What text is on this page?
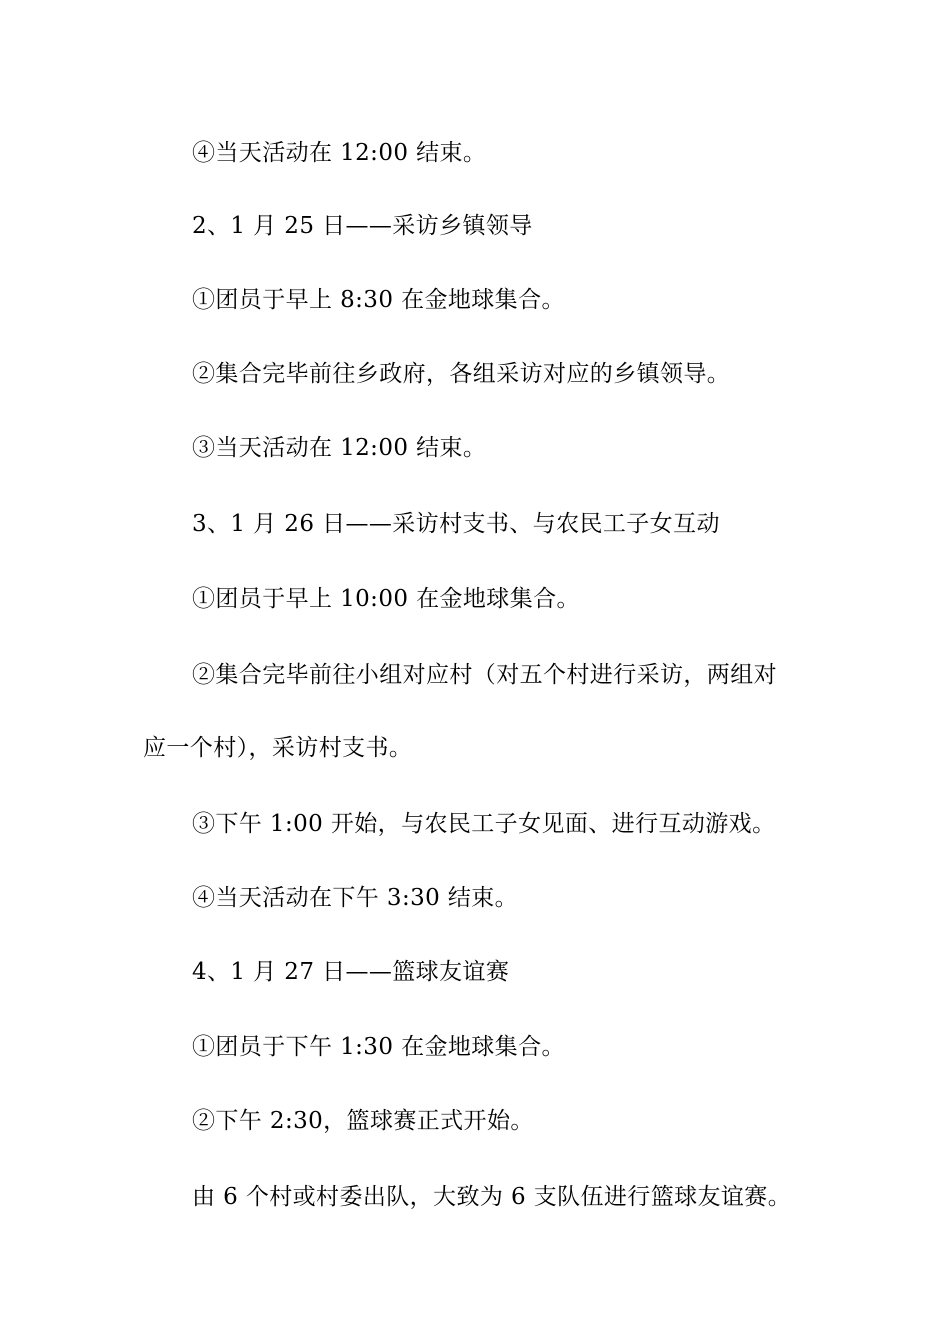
④当天活动在 12:00 结束。

2、1 月 25 日——采访乡镇领导

①团员于早上 8:30 在金地球集合。

②集合完毕前往乡政府，各组采访对应的乡镇领导。

③当天活动在 12:00 结束。

3、1 月 26 日——采访村支书、与农民工子女互动

①团员于早上 10:00 在金地球集合。

②集合完毕前往小组对应村（对五个村进行采访，两组对

应一个村），采访村支书。

③下午 1:00 开始，与农民工子女见面、进行互动游戏。

④当天活动在下午 3:30 结束。

4、1 月 27 日——篮球友谊赛

①团员于下午 1:30 在金地球集合。

②下午 2:30，篮球赛正式开始。

由 6 个村或村委出队，大致为 6 支队伍进行篮球友谊赛。
